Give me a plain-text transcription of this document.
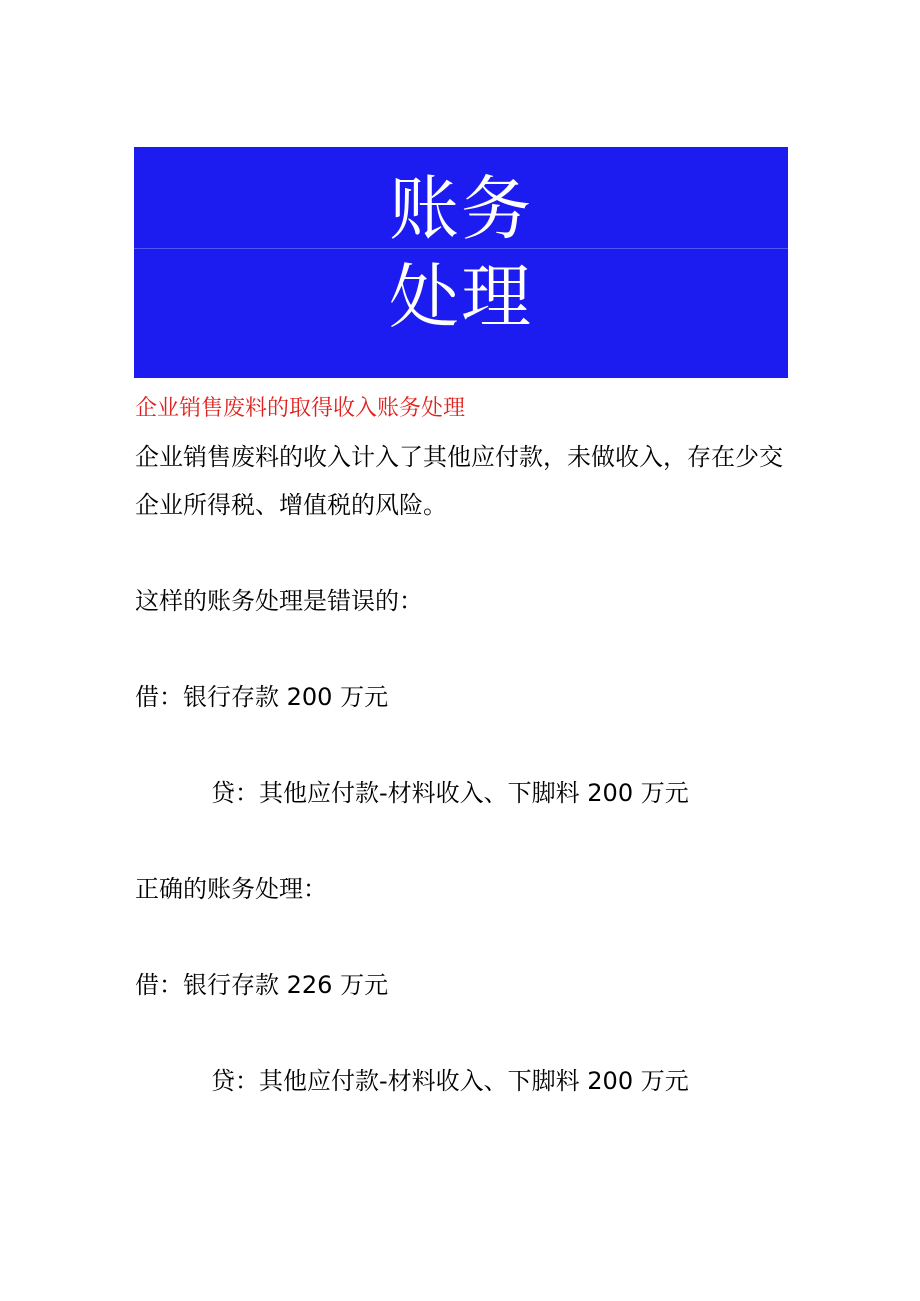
账务
处理
企业销售废料的取得收入账务处理
企业销售废料的收入计入了其他应付款，未做收入，存在少交
企业所得税、增值税的风险。
这样的账务处理是错误的：
借：银行存款 200 万元
贷：其他应付款-材料收入、下脚料 200 万元
正确的账务处理：
借：银行存款 226 万元
贷：其他应付款-材料收入、下脚料 200 万元
